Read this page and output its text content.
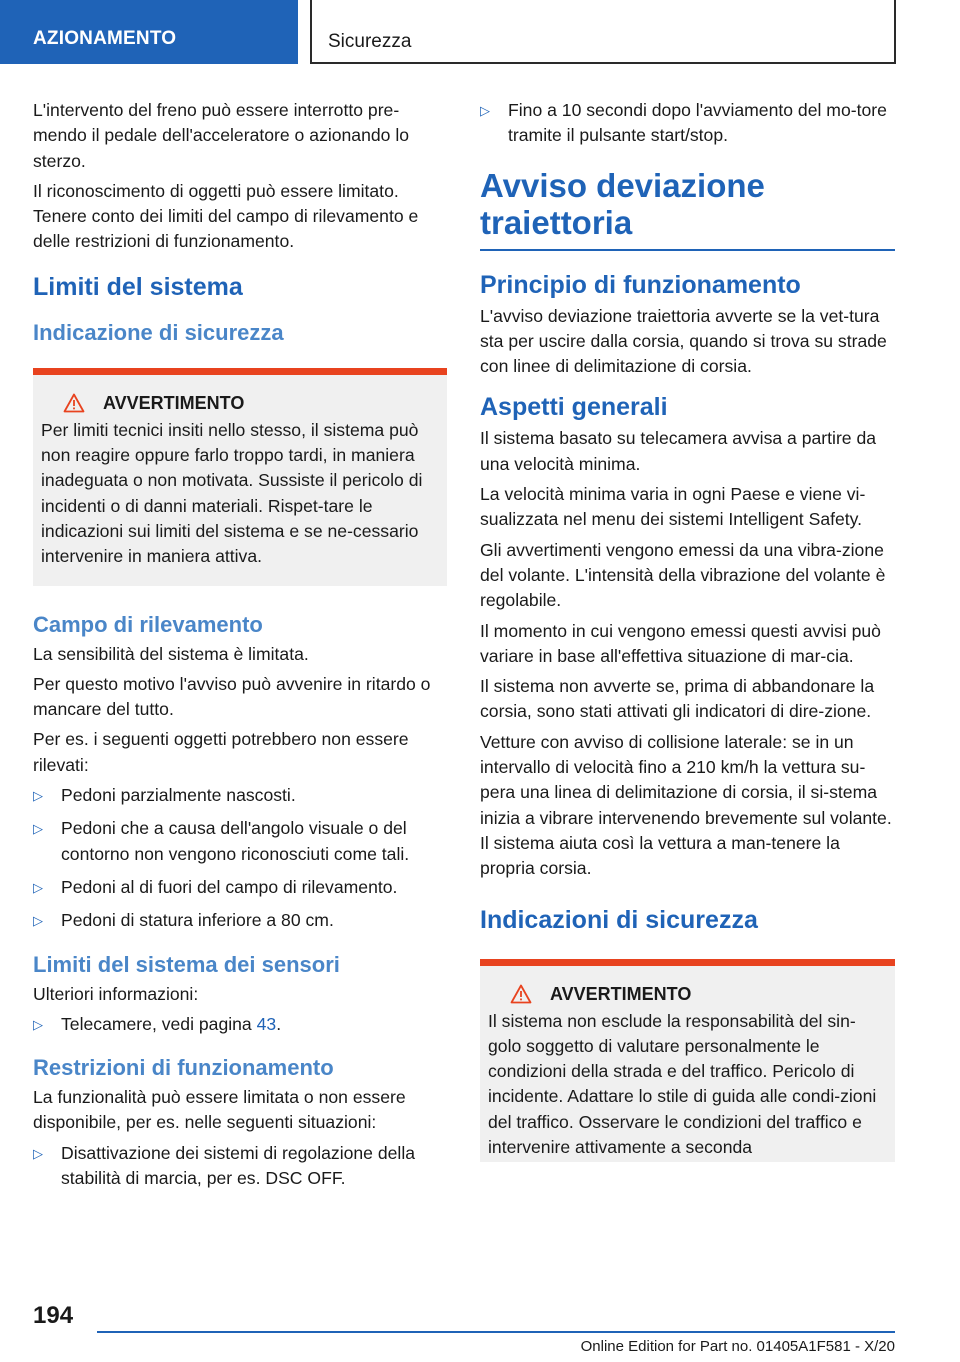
AZIONAMENTO	Sicurezza

L'intervento del freno può essere interrotto pre-mendo il pedale dell'acceleratore o azionando lo sterzo.

Il riconoscimento di oggetti può essere limitato. Tenere conto dei limiti del campo di rilevamento e delle restrizioni di funzionamento.

Limiti del sistema
Indicazione di sicurezza
AVVERTIMENTO

Per limiti tecnici insiti nello stesso, il sistema può non reagire oppure farlo troppo tardi, in maniera inadeguata o non motivata. Sussiste il pericolo di incidenti o di danni materiali. Rispet-tare le indicazioni sui limiti del sistema e se ne-cessario intervenire in maniera attiva.

Campo di rilevamento

La sensibilità del sistema è limitata.

Per questo motivo l'avviso può avvenire in ritardo o mancare del tutto.

Per es. i seguenti oggetti potrebbero non essere rilevati:

▷ Pedoni parzialmente nascosti.
▷ Pedoni che a causa dell'angolo visuale o del contorno non vengono riconosciuti come tali.
▷ Pedoni al di fuori del campo di rilevamento.
▷ Pedoni di statura inferiore a 80 cm.
Limiti del sistema dei sensori

Ulteriori informazioni:

▷ Telecamere, vedi pagina 43.
Restrizioni di funzionamento

La funzionalità può essere limitata o non essere disponibile, per es. nelle seguenti situazioni:

▷ Disattivazione dei sistemi di regolazione della stabilità di marcia, per es. DSC OFF.
▷ Fino a 10 secondi dopo l'avviamento del mo-tore tramite il pulsante start/stop.
Avviso deviazione traiettoria
Principio di funzionamento

L'avviso deviazione traiettoria avverte se la vet-tura sta per uscire dalla corsia, quando si trova su strade con linee di delimitazione di corsia.

Aspetti generali

Il sistema basato su telecamera avvisa a partire da una velocità minima.

La velocità minima varia in ogni Paese e viene vi-sualizzata nel menu dei sistemi Intelligent Safety.

Gli avvertimenti vengono emessi da una vibra-zione del volante. L'intensità della vibrazione del volante è regolabile.

Il momento in cui vengono emessi questi avvisi può variare in base all'effettiva situazione di mar-cia.

Il sistema non avverte se, prima di abbandonare la corsia, sono stati attivati gli indicatori di dire-zione.

Vetture con avviso di collisione laterale: se in un intervallo di velocità fino a 210 km/h la vettura su-pera una linea di delimitazione di corsia, il si-stema inizia a vibrare intervenendo brevemente sul volante. Il sistema aiuta così la vettura a man-tenere la propria corsia.

Indicazioni di sicurezza
AVVERTIMENTO

Il sistema non esclude la responsabilità del sin-golo soggetto di valutare personalmente le condizioni della strada e del traffico. Pericolo di incidente. Adattare lo stile di guida alle condi-zioni del traffico. Osservare le condizioni del traffico e intervenire attivamente a seconda

194
Online Edition for Part no. 01405A1F581 - X/20
